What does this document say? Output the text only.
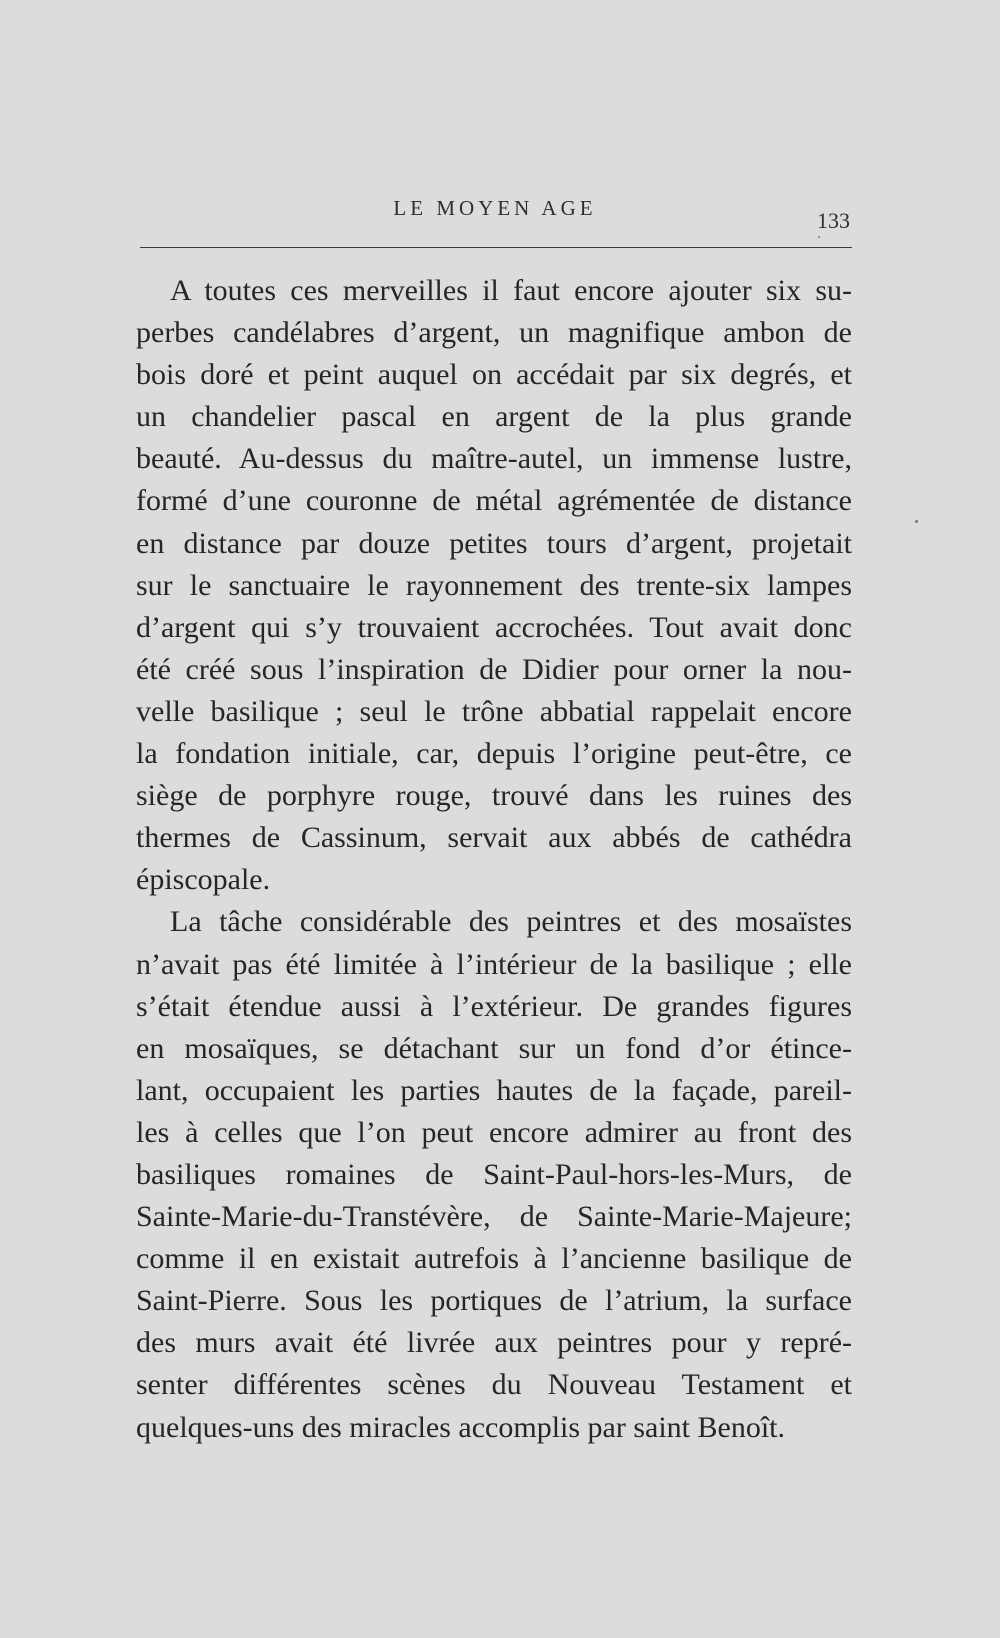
LE MOYEN AGE	133
A toutes ces merveilles il faut encore ajouter six su-
perbes candélabres d’argent, un magnifique ambon de
bois doré et peint auquel on accédait par six degrés, et
un chandelier pascal en argent de la plus grande
beauté. Au-dessus du maître-autel, un immense lustre,
formé d’une couronne de métal agrémentée de distance
en distance par douze petites tours d’argent, projetait
sur le sanctuaire le rayonnement des trente-six lampes
d’argent qui s’y trouvaient accrochées. Tout avait donc
été créé sous l’inspiration de Didier pour orner la nou-
velle basilique ; seul le trône abbatial rappelait encore
la fondation initiale, car, depuis l’origine peut-être, ce
siège de porphyre rouge, trouvé dans les ruines des
thermes de Cassinum, servait aux abbés de cathédra
épiscopale.
La tâche considérable des peintres et des mosaïstes
n’avait pas été limitée à l’intérieur de la basilique ; elle
s’était étendue aussi à l’extérieur. De grandes figures
en mosaïques, se détachant sur un fond d’or étince-
lant, occupaient les parties hautes de la façade, pareil-
les à celles que l’on peut encore admirer au front des
basiliques romaines de Saint-Paul-hors-les-Murs, de
Sainte-Marie-du-Transtévère, de Sainte-Marie-Majeure;
comme il en existait autrefois à l’ancienne basilique de
Saint-Pierre. Sous les portiques de l’atrium, la surface
des murs avait été livrée aux peintres pour y repré-
senter différentes scènes du Nouveau Testament et
quelques-uns des miracles accomplis par saint Benoît.
